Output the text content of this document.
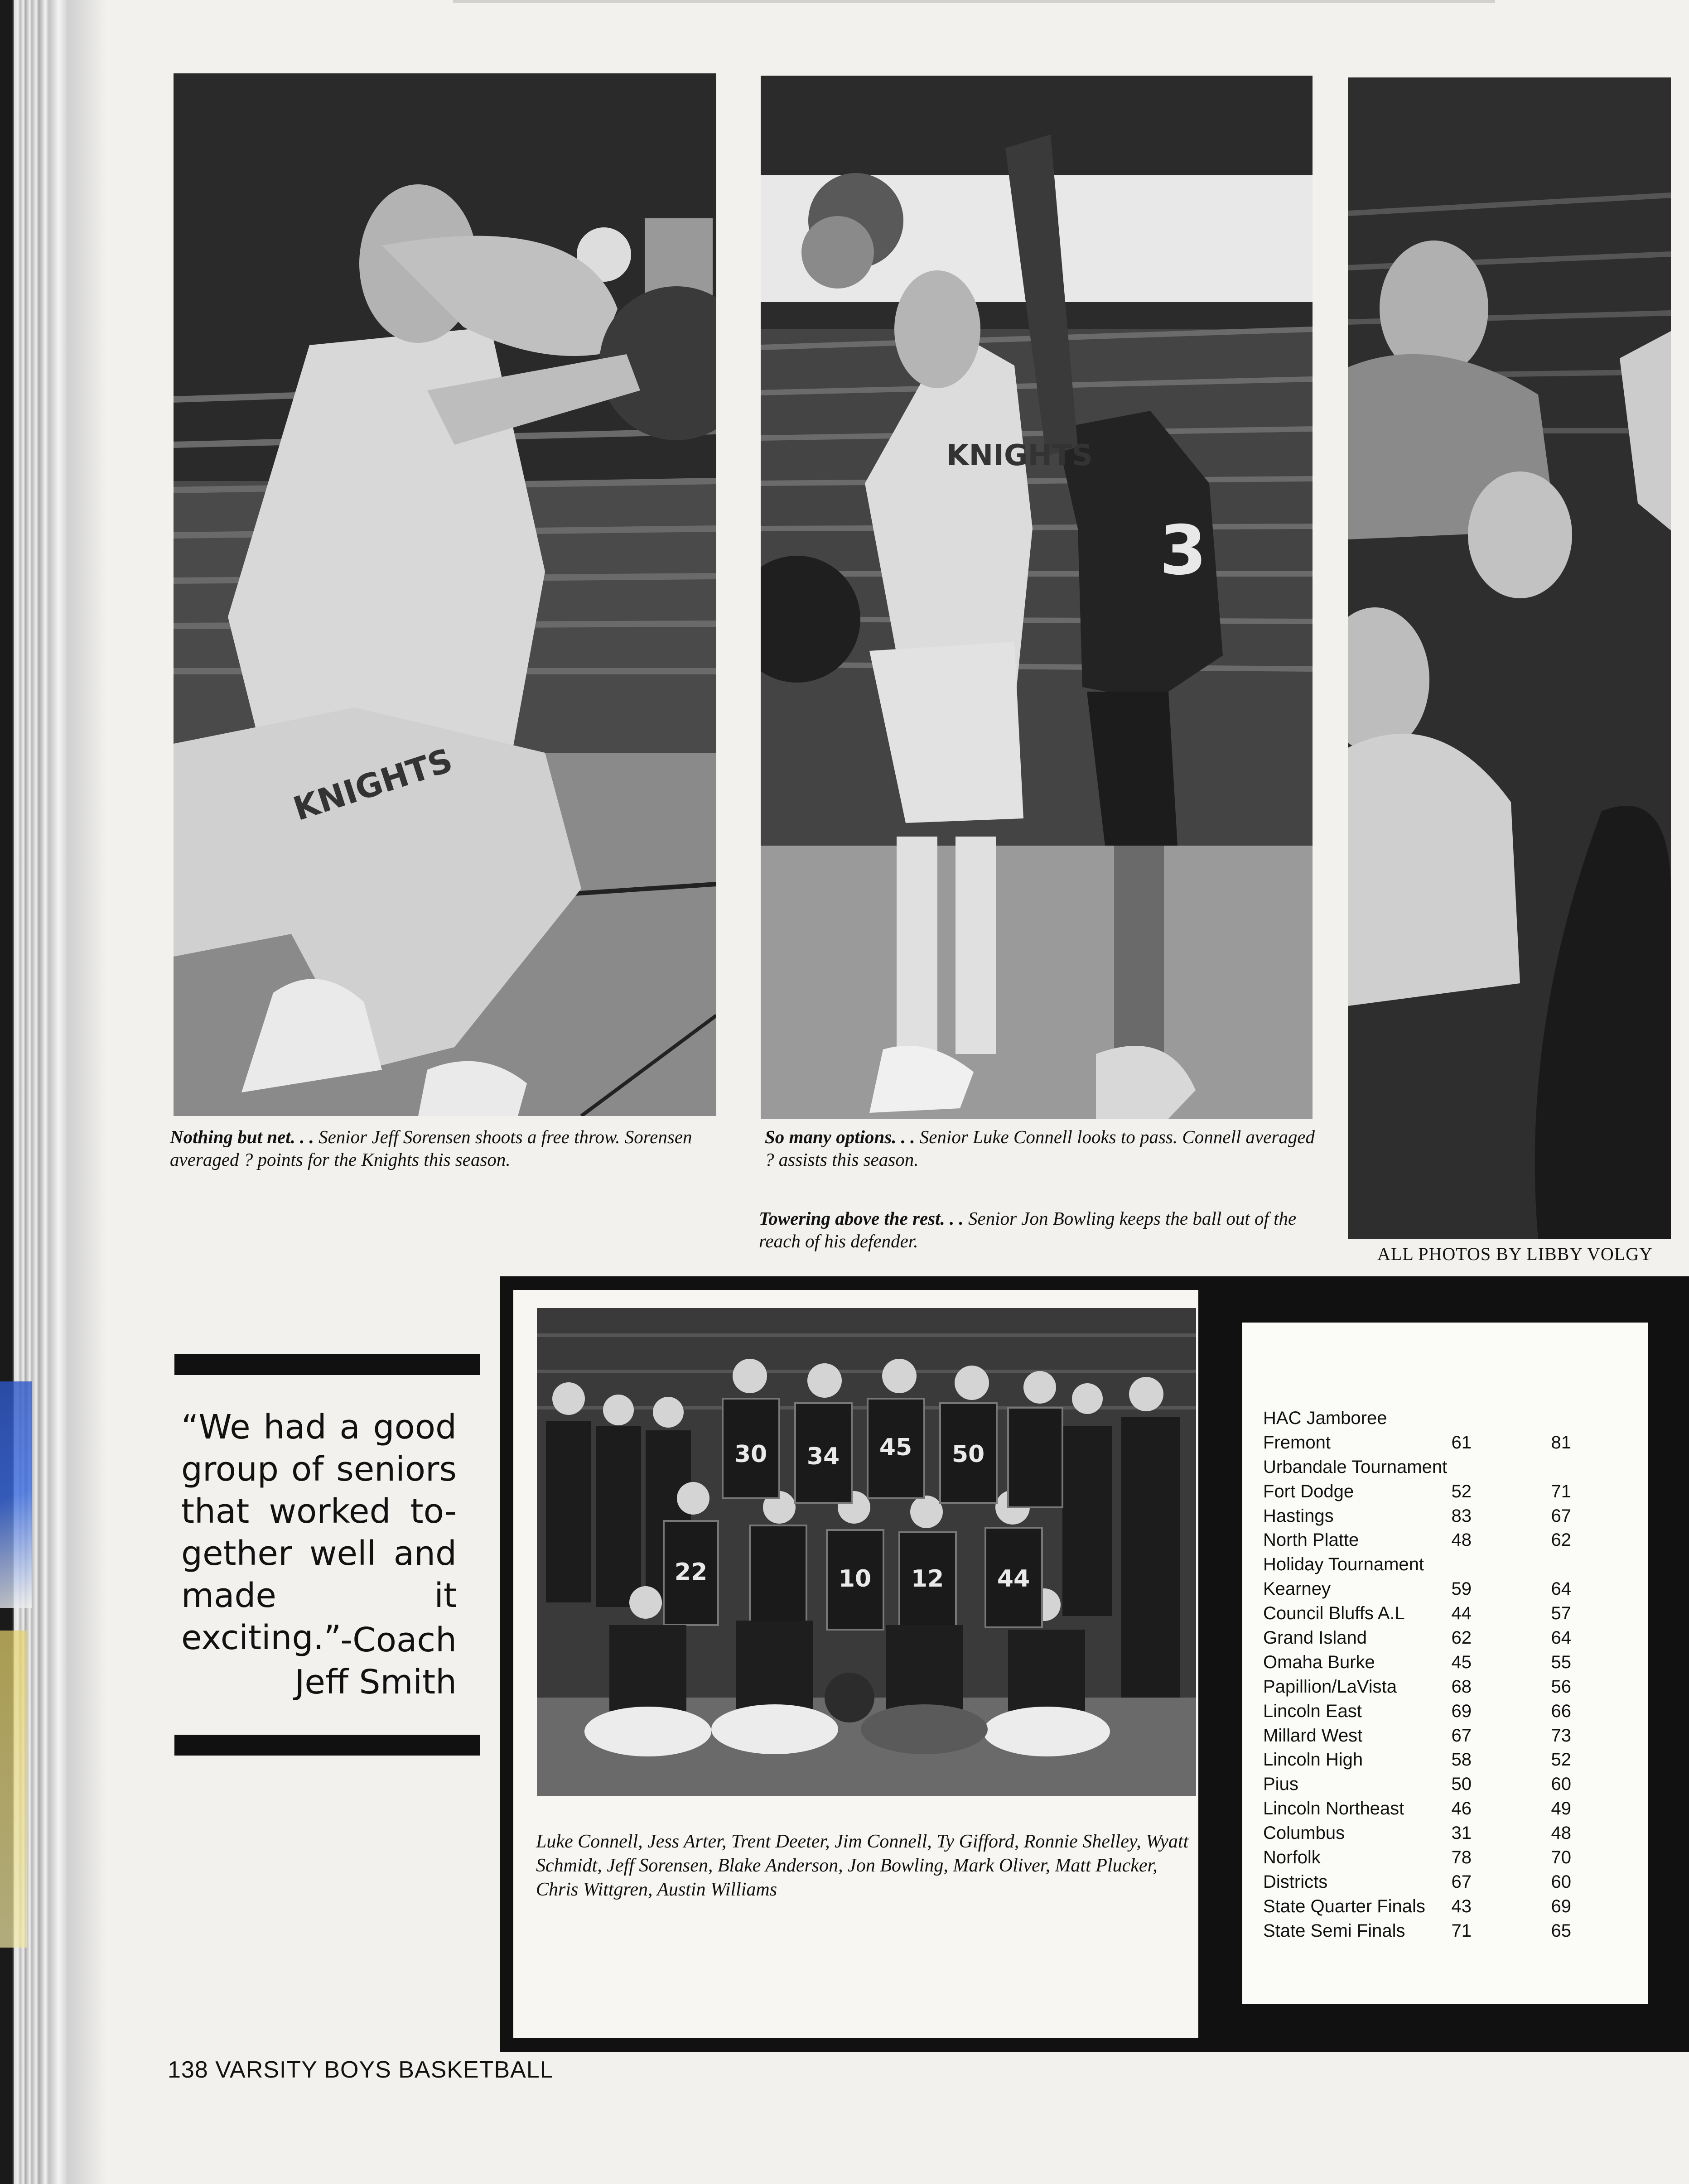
KNIGHTS
KNIGHTS
3
Nothing but net. . . Senior Jeff Sorensen shoots a free throw. Sorensen averaged ? points for the Knights this season.
So many options. . . Senior Luke Connell looks to pass. Connell averaged ? assists this season.
Towering above the rest. . . Senior Jon Bowling keeps the ball out of the reach of his defender.
ALL PHOTOS BY LIBBY VOLGY
“We had a good group of seniors that worked to-gether well and made it exciting.”
-Coach
Jeff Smith
30 34 45 50
22	10 12 44
Luke Connell, Jess Arter, Trent Deeter, Jim Connell, Ty Gifford, Ronnie Shelley, Wyatt Schmidt, Jeff Sorensen, Blake Anderson, Jon Bowling, Mark Oliver, Matt Plucker, Chris Wittgren, Austin Williams
HAC Jamboree
Fremont	61	81
Urbandale Tournament
Fort Dodge	52	71
Hastings	83	67
North Platte	48	62
Holiday Tournament
Kearney	59	64
Council Bluffs A.L	44	57
Grand Island	62	64
Omaha Burke	45	55
Papillion/LaVista	68	56
Lincoln East	69	66
Millard West	67	73
Lincoln High	58	52
Pius	50	60
Lincoln Northeast	46	49
Columbus	31	48
Norfolk	78	70
Districts	67	60
State Quarter Finals	43	69
State Semi Finals	71	65
138 VARSITY BOYS BASKETBALL
